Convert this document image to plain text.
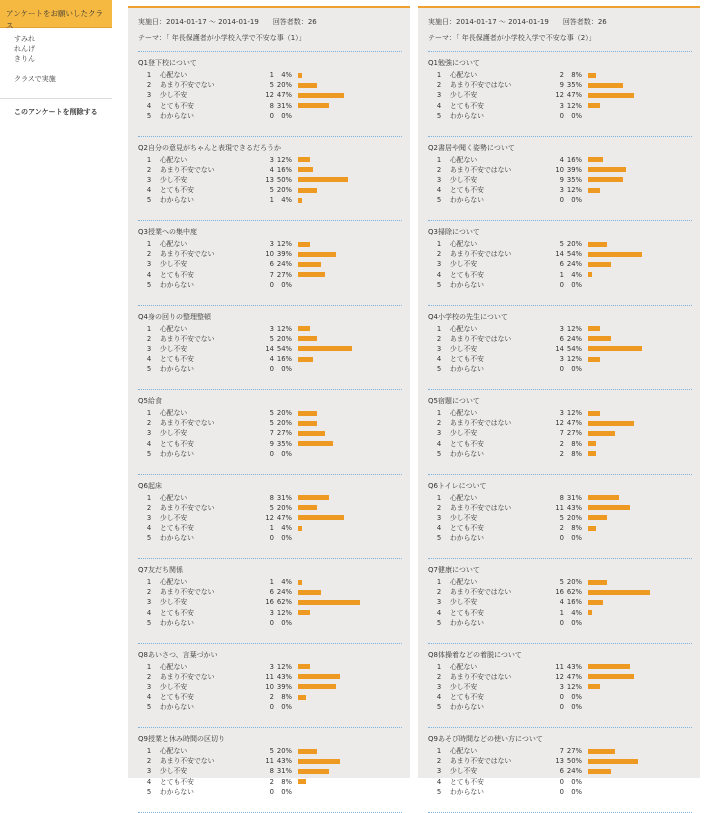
アンケートをお願いしたクラス
すみれ
れんげ
きりん
クラスで実施
このアンケートを削除する
実施日：2014-01-17 〜 2014-01-19 回答者数：26
テーマ：「 年長保護者が小学校入学で不安な事（1）」
Q1登下校について
1	心配ない	1	4%
2	あまり不安でない	5 20%
3	少し不安	12 47%
4	とても不安	8 31%
5	わからない	0	0%
Q2自分の意見がちゃんと表現できるだろうか
1	心配ない	3 12%
2	あまり不安でない	4 16%
3	少し不安	13 50%
4	とても不安	5 20%
5	わからない	1	4%
Q3授業への集中度
1	心配ない	3 12%
2	あまり不安でない	10 39%
3	少し不安	6 24%
4	とても不安	7 27%
5	わからない	0	0%
Q4身の回りの整理整頓
1	心配ない	3 12%
2	あまり不安でない	5 20%
3	少し不安	14 54%
4	とても不安	4 16%
5	わからない	0	0%
Q5給食
1	心配ない	5 20%
2	あまり不安でない	5 20%
3	少し不安	7 27%
4	とても不安	9 35%
5	わからない	0	0%
Q6起床
1	心配ない	8 31%
2	あまり不安でない	5 20%
3	少し不安	12 47%
4	とても不安	1	4%
5	わからない	0	0%
Q7友だち関係
1	心配ない	1	4%
2	あまり不安でない	6 24%
3	少し不安	16 62%
4	とても不安	3 12%
5	わからない	0	0%
Q8あいさつ、言葉づかい
1	心配ない	3 12%
2	あまり不安でない	11 43%
3	少し不安	10 39%
4	とても不安	2	8%
5	わからない	0	0%
Q9授業と休み時間の区切り
1	心配ない	5 20%
2	あまり不安でない	11 43%
3	少し不安	8 31%
4	とても不安	2	8%
5	わからない	0	0%
実施日：2014-01-17 〜 2014-01-19 回答者数：26
テーマ：「 年長保護者が小学校入学で不安な事（2）」
Q1勉強について
1	心配ない	2	8%
2	あまり不安ではない	9 35%
3	少し不安	12 47%
4	とても不安	3 12%
5	わからない	0	0%
Q2書居や聞く姿勢について
1	心配ない	4 16%
2	あまり不安ではない	10 39%
3	少し不安	9 35%
4	とても不安	3 12%
5	わからない	0	0%
Q3掃除について
1	心配ない	5 20%
2	あまり不安ではない	14 54%
3	少し不安	6 24%
4	とても不安	1	4%
5	わからない	0	0%
Q4小学校の先生について
1	心配ない	3 12%
2	あまり不安ではない	6 24%
3	少し不安	14 54%
4	とても不安	3 12%
5	わからない	0	0%
Q5宿題について
1	心配ない	3 12%
2	あまり不安ではない	12 47%
3	少し不安	7 27%
4	とても不安	2	8%
5	わからない	2	8%
Q6トイレについて
1	心配ない	8 31%
2	あまり不安ではない	11 43%
3	少し不安	5 20%
4	とても不安	2	8%
5	わからない	0	0%
Q7健康について
1	心配ない	5 20%
2	あまり不安ではない	16 62%
3	少し不安	4 16%
4	とても不安	1	4%
5	わからない	0	0%
Q8体操着などの着脱について
1	心配ない	11 43%
2	あまり不安ではない	12 47%
3	少し不安	3 12%
4	とても不安	0	0%
5	わからない	0	0%
Q9あそび時間などの使い方について
1	心配ない	7 27%
2	あまり不安ではない	13 50%
3	少し不安	6 24%
4	とても不安	0	0%
5	わからない	0	0%
